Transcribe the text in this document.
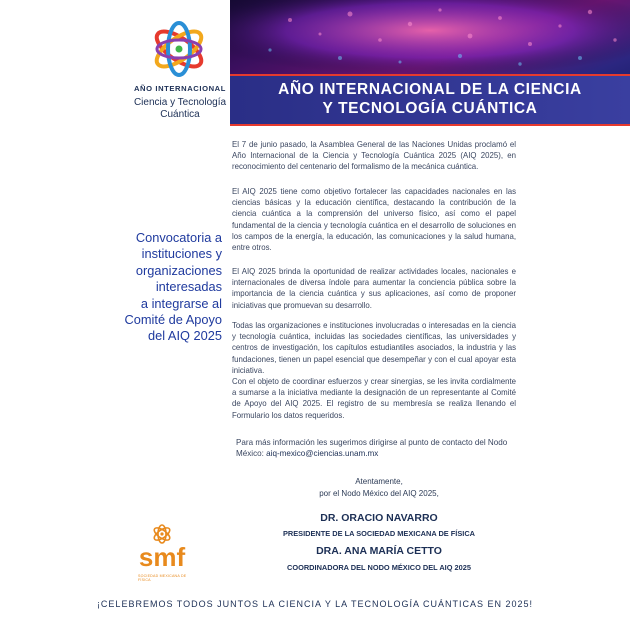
AÑO INTERNACIONAL
Ciencia y Tecnología
Cuántica
AÑO INTERNACIONAL DE LA CIENCIA
Y TECNOLOGÍA CUÁNTICA
El 7 de junio pasado, la Asamblea General de las Naciones Unidas proclamó el Año Internacional de la Ciencia y Tecnología Cuántica 2025 (AIQ 2025), en reconocimiento del centenario del formalismo de la mecánica cuántica.
El AIQ 2025 tiene como objetivo fortalecer las capacidades nacionales en las ciencias básicas y la educación científica, destacando la contribución de la ciencia cuántica a la comprensión del universo físico, así como el papel fundamental de la ciencia y tecnología cuántica en el desarrollo de soluciones en los campos de la energía, la educación, las comunicaciones y la salud humana, entre otros.
El AIQ 2025 brinda la oportunidad de realizar actividades locales, nacionales e internacionales de diversa índole para aumentar la conciencia pública sobre la importancia de la ciencia cuántica y sus aplicaciones, así como de proponer iniciativas que promuevan su desarrollo.
Todas las organizaciones e instituciones involucradas o interesadas en la ciencia y tecnología cuántica, incluidas las sociedades científicas, las universidades y centros de investigación, los capítulos estudiantiles asociados, la industria y las fundaciones, tienen un papel esencial que desempeñar y con el cual apoyar esta iniciativa.
Con el objeto de coordinar esfuerzos y crear sinergias, se les invita cordialmente a sumarse a la iniciativa mediante la designación de un representante al Comité de Apoyo del AIQ 2025. El registro de su membresía se realiza llenando el Formulario los datos requeridos.
Para más información les sugerimos dirigirse al punto de contacto del Nodo México: aiq-mexico@ciencias.unam.mx
Convocatoria a
instituciones y
organizaciones
interesadas
a integrarse al
Comité de Apoyo
del AIQ 2025
Atentamente,
por el Nodo México del AIQ 2025,
DR. ORACIO NAVARRO
PRESIDENTE DE LA SOCIEDAD MEXICANA DE FÍSICA
DRA. ANA MARÍA CETTO
COORDINADORA DEL NODO MÉXICO DEL AIQ 2025
smf
SOCIEDAD MEXICANA DE FÍSICA
¡CELEBREMOS TODOS JUNTOS LA CIENCIA Y LA TECNOLOGÍA CUÁNTICAS EN 2025!
